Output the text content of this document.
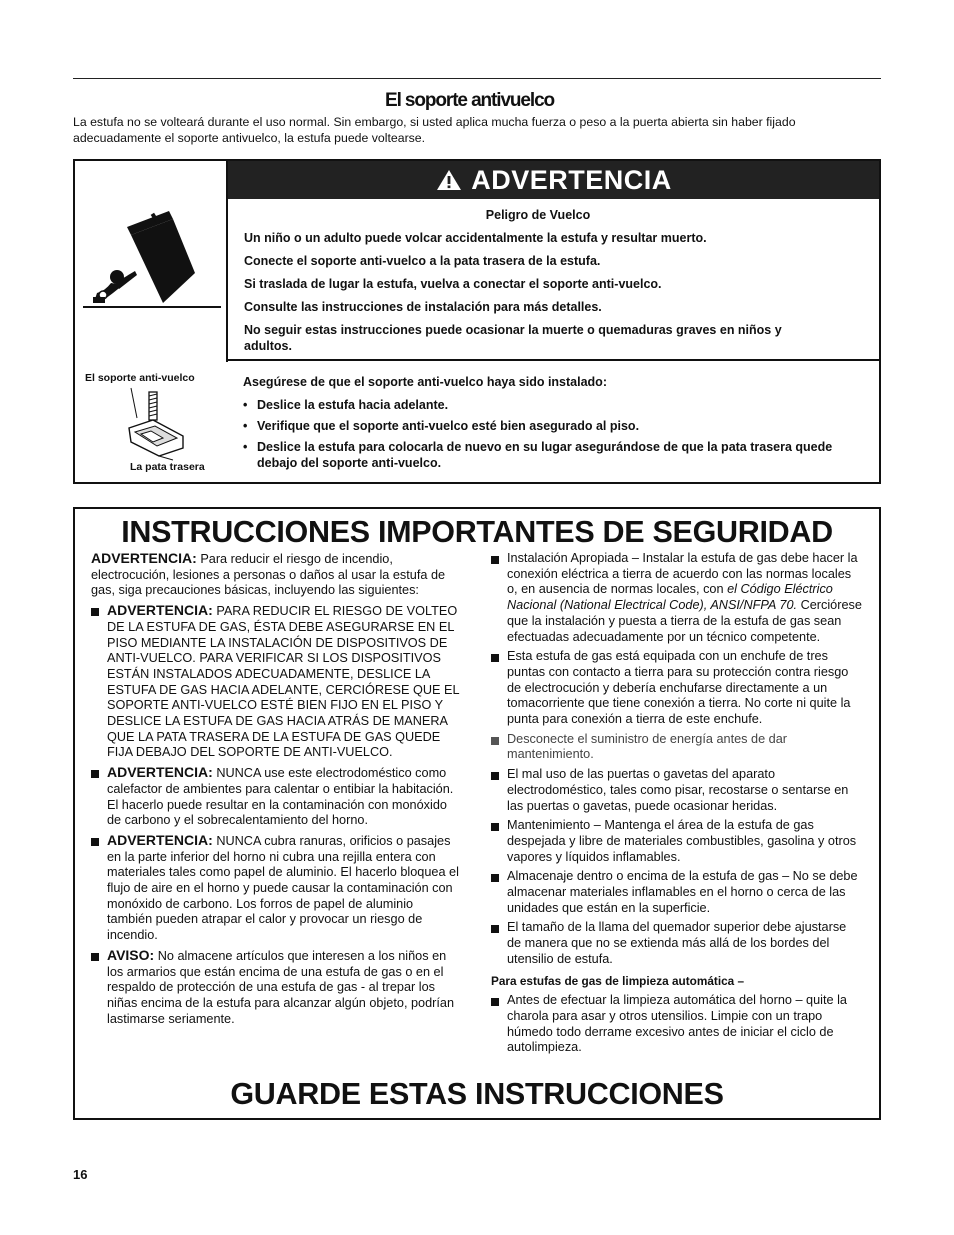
El soporte antivuelco
La estufa no se volteará durante el uso normal. Sin embargo, si usted aplica mucha fuerza o peso a la puerta abierta sin haber fijado adecuadamente el soporte antivuelco, la estufa puede voltearse.
ADVERTENCIA

Peligro de Vuelco

Un niño o un adulto puede volcar accidentalmente la estufa y resultar muerto.

Conecte el soporte anti-vuelco a la pata trasera de la estufa.

Si traslada de lugar la estufa, vuelva a conectar el soporte anti-vuelco.

Consulte las instrucciones de instalación para más detalles.

No seguir estas instrucciones puede ocasionar la muerte o quemaduras graves en niños y adultos.

El soporte anti-vuelco
La pata trasera
Asegúrese de que el soporte anti-vuelco haya sido instalado:
• Deslice la estufa hacia adelante.
• Verifique que el soporte anti-vuelco esté bien asegurado al piso.
• Deslice la estufa para colocarla de nuevo en su lugar asegurándose de que la pata trasera quede debajo del soporte anti-vuelco.
INSTRUCCIONES IMPORTANTES DE SEGURIDAD

ADVERTENCIA: Para reducir el riesgo de incendio, electrocución, lesiones a personas o daños al usar la estufa de gas, siga precauciones básicas, incluyendo las siguientes:

ADVERTENCIA: PARA REDUCIR EL RIESGO DE VOLTEO DE LA ESTUFA DE GAS, ÉSTA DEBE ASEGURARSE EN EL PISO MEDIANTE LA INSTALACIÓN DE DISPOSITIVOS DE ANTI-VUELCO. PARA VERIFICAR SI LOS DISPOSITIVOS ESTÁN INSTALADOS ADECUADAMENTE, DESLICE LA ESTUFA DE GAS HACIA ADELANTE, CERCIÓRESE QUE EL SOPORTE ANTI-VUELCO ESTÉ BIEN FIJO EN EL PISO Y DESLICE LA ESTUFA DE GAS HACIA ATRÁS DE MANERA QUE LA PATA TRASERA DE LA ESTUFA DE GAS QUEDE FIJA DEBAJO DEL SOPORTE DE ANTI-VUELCO.
ADVERTENCIA: NUNCA use este electrodoméstico como calefactor de ambientes para calentar o entibiar la habitación. El hacerlo puede resultar en la contaminación con monóxido de carbono y el sobrecalentamiento del horno.
ADVERTENCIA: NUNCA cubra ranuras, orificios o pasajes en la parte inferior del horno ni cubra una rejilla entera con materiales tales como papel de aluminio. El hacerlo bloquea el flujo de aire en el horno y puede causar la contaminación con monóxido de carbono. Los forros de papel de aluminio también pueden atrapar el calor y provocar un riesgo de incendio.
AVISO: No almacene artículos que interesen a los niños en los armarios que están encima de una estufa de gas o en el respaldo de protección de una estufa de gas - al trepar los niñas encima de la estufa para alcanzar algún objeto, podrían lastimarse seriamente.
Instalación Apropiada – Instalar la estufa de gas debe hacer la conexión eléctrica a tierra de acuerdo con las normas locales o, en ausencia de normas locales, con el Código Eléctrico Nacional (National Electrical Code), ANSI/NFPA 70. Cerciórese que la instalación y puesta a tierra de la estufa de gas sean efectuadas adecuadamente por un técnico competente.
Esta estufa de gas está equipada con un enchufe de tres puntas con contacto a tierra para su protección contra riesgo de electrocución y debería enchufarse directamente a un tomacorriente que tiene conexión a tierra. No corte ni quite la punta para conexión a tierra de este enchufe.
Desconecte el suministro de energía antes de dar mantenimiento.
El mal uso de las puertas o gavetas del aparato electrodoméstico, tales como pisar, recostarse o sentarse en las puertas o gavetas, puede ocasionar heridas.
Mantenimiento – Mantenga el área de la estufa de gas despejada y libre de materiales combustibles, gasolina y otros vapores y líquidos inflamables.
Almacenaje dentro o encima de la estufa de gas – No se debe almacenar materiales inflamables en el horno o cerca de las unidades que están en la superficie.
El tamaño de la llama del quemador superior debe ajustarse de manera que no se extienda más allá de los bordes del utensilio de estufa.

Para estufas de gas de limpieza automática –

Antes de efectuar la limpieza automática del horno – quite la charola para asar y otros utensilios. Limpie con un trapo húmedo todo derrame excesivo antes de iniciar el ciclo de autolimpieza.
GUARDE ESTAS INSTRUCCIONES
16
